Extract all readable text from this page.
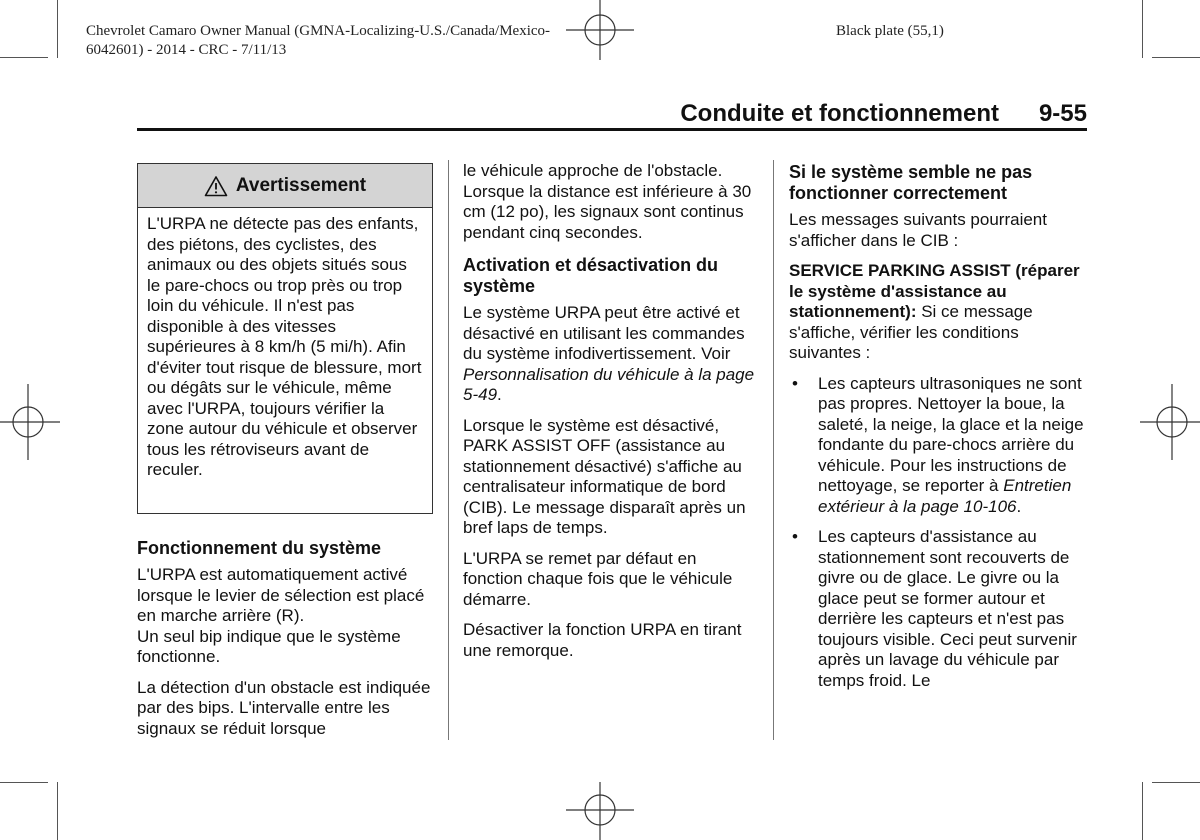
Chevrolet Camaro Owner Manual (GMNA-Localizing-U.S./Canada/Mexico-
6042601) - 2014 - CRC - 7/11/13
Black plate (55,1)
Conduite et fonctionnement 9-55
Avertissement
L'URPA ne détecte pas des enfants, des piétons, des cyclistes, des animaux ou des objets situés sous le pare-chocs ou trop près ou trop loin du véhicule. Il n'est pas disponible à des vitesses supérieures à 8 km/h (5 mi/h). Afin d'éviter tout risque de blessure, mort ou dégâts sur le véhicule, même avec l'URPA, toujours vérifier la zone autour du véhicule et observer tous les rétroviseurs avant de reculer.
Fonctionnement du système

L'URPA est automatiquement activé lorsque le levier de sélection est placé en marche arrière (R).

Un seul bip indique que le système fonctionne.

La détection d'un obstacle est indiquée par des bips. L'intervalle entre les signaux se réduit lorsque

le véhicule approche de l'obstacle. Lorsque la distance est inférieure à 30 cm (12 po), les signaux sont continus pendant cinq secondes.

Activation et désactivation du système

Le système URPA peut être activé et désactivé en utilisant les commandes du système infodivertissement. Voir Personnalisation du véhicule à la page 5-49.

Lorsque le système est désactivé, PARK ASSIST OFF (assistance au stationnement désactivé) s'affiche au centralisateur informatique de bord (CIB). Le message disparaît après un bref laps de temps.

L'URPA se remet par défaut en fonction chaque fois que le véhicule démarre.

Désactiver la fonction URPA en tirant une remorque.

Si le système semble ne pas fonctionner correctement

Les messages suivants pourraient s'afficher dans le CIB :

SERVICE PARKING ASSIST (réparer le système d'assistance au stationnement): Si ce message s'affiche, vérifier les conditions suivantes :

• Les capteurs ultrasoniques ne sont pas propres. Nettoyer la boue, la saleté, la neige, la glace et la neige fondante du pare-chocs arrière du véhicule. Pour les instructions de nettoyage, se reporter à Entretien extérieur à la page 10-106.
• Les capteurs d'assistance au stationnement sont recouverts de givre ou de glace. Le givre ou la glace peut se former autour et derrière les capteurs et n'est pas toujours visible. Ceci peut survenir après un lavage du véhicule par temps froid. Le
